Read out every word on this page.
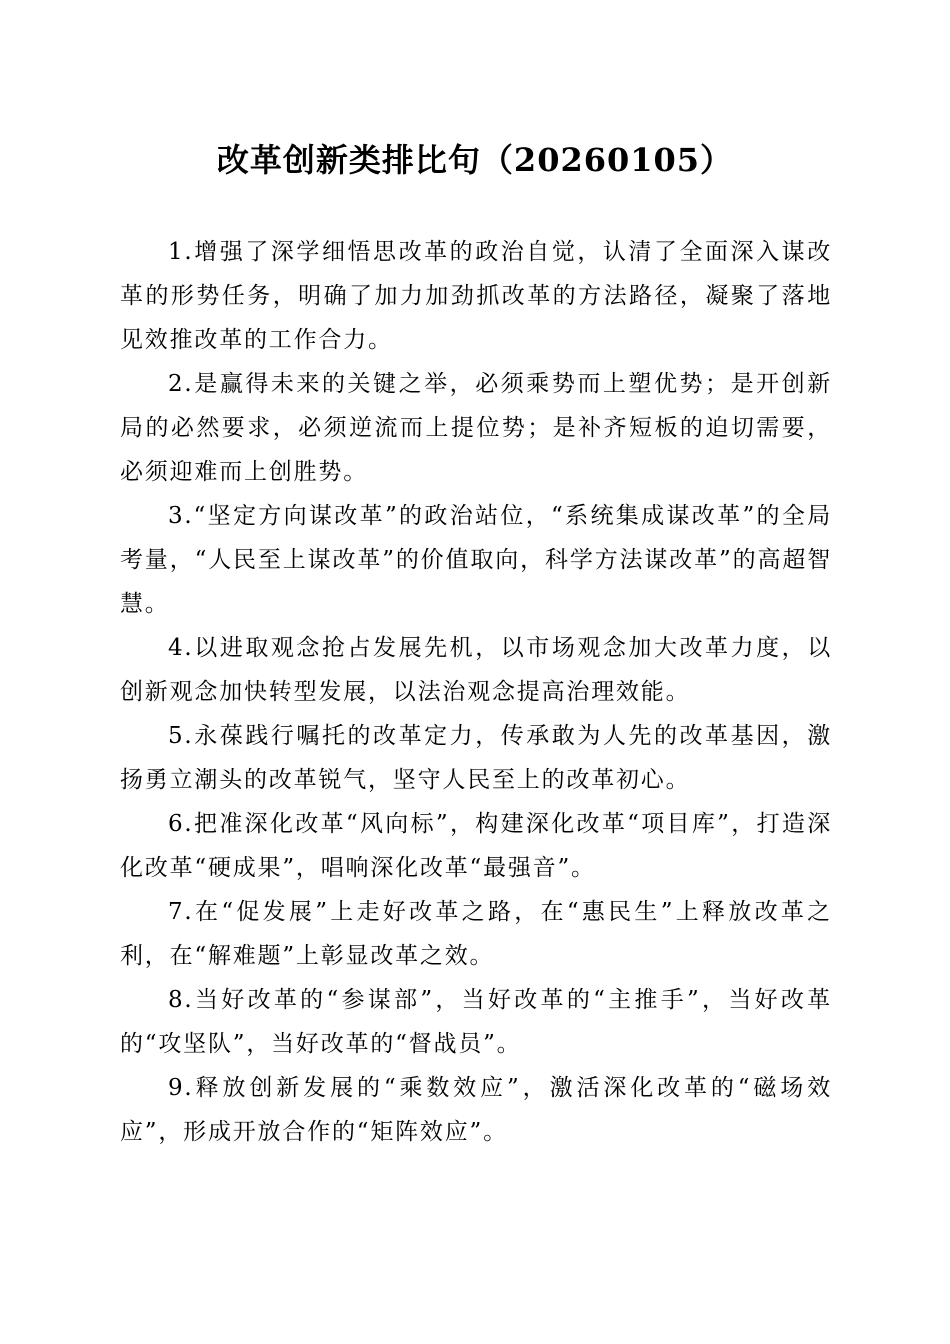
改革创新类排比句（20260105）

1.增强了深学细悟思改革的政治自觉，认清了全面深入谋改革的形势任务，明确了加力加劲抓改革的方法路径，凝聚了落地见效推改革的工作合力。

2.是赢得未来的关键之举，必须乘势而上塑优势；是开创新局的必然要求，必须逆流而上提位势；是补齐短板的迫切需要，必须迎难而上创胜势。

3.“坚定方向谋改革”的政治站位，“系统集成谋改革”的全局考量，“人民至上谋改革”的价值取向，科学方法谋改革”的高超智慧。

4.以进取观念抢占发展先机，以市场观念加大改革力度，以创新观念加快转型发展，以法治观念提高治理效能。

5.永葆践行嘱托的改革定力，传承敢为人先的改革基因，激扬勇立潮头的改革锐气，坚守人民至上的改革初心。

6.把准深化改革“风向标”，构建深化改革“项目库”，打造深化改革“硬成果”，唱响深化改革“最强音”。

7.在“促发展”上走好改革之路，在“惠民生”上释放改革之利，在“解难题”上彰显改革之效。

8.当好改革的“参谋部”，当好改革的“主推手”，当好改革的“攻坚队”，当好改革的“督战员”。

9.释放创新发展的“乘数效应”，激活深化改革的“磁场效应”，形成开放合作的“矩阵效应”。
